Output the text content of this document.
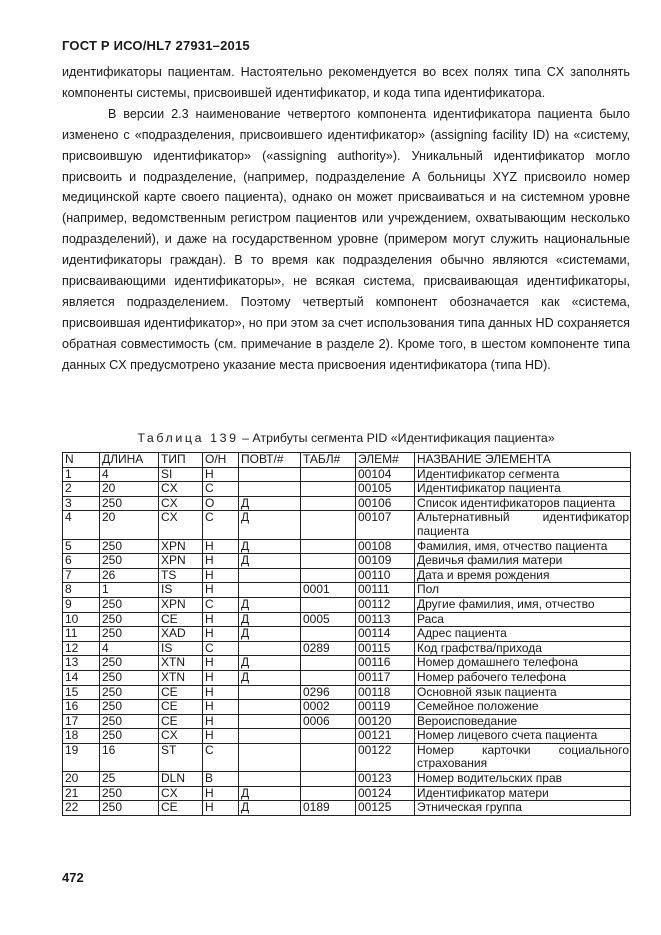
ГОСТ Р ИСО/HL7 27931–2015

идентификаторы пациентам. Настоятельно рекомендуется во всех полях типа CX заполнять компоненты системы, присвоившей идентификатор, и кода типа идентификатора.

В версии 2.3 наименование четвертого компонента идентификатора пациента было изменено с «подразделения, присвоившего идентификатор» (assigning facility ID) на «систему, присвоившую идентификатор» («assigning authority»). Уникальный идентификатор могло присвоить и подразделение, (например, подразделение А больницы XYZ присвоило номер медицинской карте своего пациента), однако он может присваиваться и на системном уровне (например, ведомственным регистром пациентов или учреждением, охватывающим несколько подразделений), и даже на государственном уровне (примером могут служить национальные идентификаторы граждан). В то время как подразделения обычно являются «системами, присваивающими идентификаторы», не всякая система, присваивающая идентификаторы, является подразделением. Поэтому четвертый компонент обозначается как «система, присвоившая идентификатор», но при этом за счет использования типа данных HD сохраняется обратная совместимость (см. примечание в разделе 2). Кроме того, в шестом компоненте типа данных CX предусмотрено указание места присвоения идентификатора (типа HD).

Таблица 139 – Атрибуты сегмента PID «Идентификация пациента»
N	ДЛИНА	ТИП	О/Н	ПОВТ/#	ТАБЛ#	ЭЛЕМ#	НАЗВАНИЕ ЭЛЕМЕНТА
1	4	SI	Н			00104	Идентификатор сегмента
2	20	CX	С			00105	Идентификатор пациента
3	250	CX	О	Д		00106	Список идентификаторов пациента
4	20	CX	С	Д		00107	Альтернативный идентификатор пациента
5	250	XPN	Н	Д		00108	Фамилия, имя, отчество пациента
6	250	XPN	Н	Д		00109	Девичья фамилия матери
7	26	TS	Н			00110	Дата и время рождения
8	1	IS	Н		0001	00111	Пол
9	250	XPN	С	Д		00112	Другие фамилия, имя, отчество
10	250	CE	Н	Д	0005	00113	Раса
11	250	XAD	Н	Д		00114	Адрес пациента
12	4	IS	С		0289	00115	Код графства/прихода
13	250	XTN	Н	Д		00116	Номер домашнего телефона
14	250	XTN	Н	Д		00117	Номер рабочего телефона
15	250	CE	Н		0296	00118	Основной язык пациента
16	250	CE	Н		0002	00119	Семейное положение
17	250	CE	Н		0006	00120	Вероисповедание
18	250	CX	Н			00121	Номер лицевого счета пациента
19	16	ST	С			00122	Номер карточки социального страхования
20	25	DLN	В			00123	Номер водительских прав
21	250	CX	Н	Д		00124	Идентификатор матери
22	250	CE	Н	Д	0189	00125	Этническая группа
472
